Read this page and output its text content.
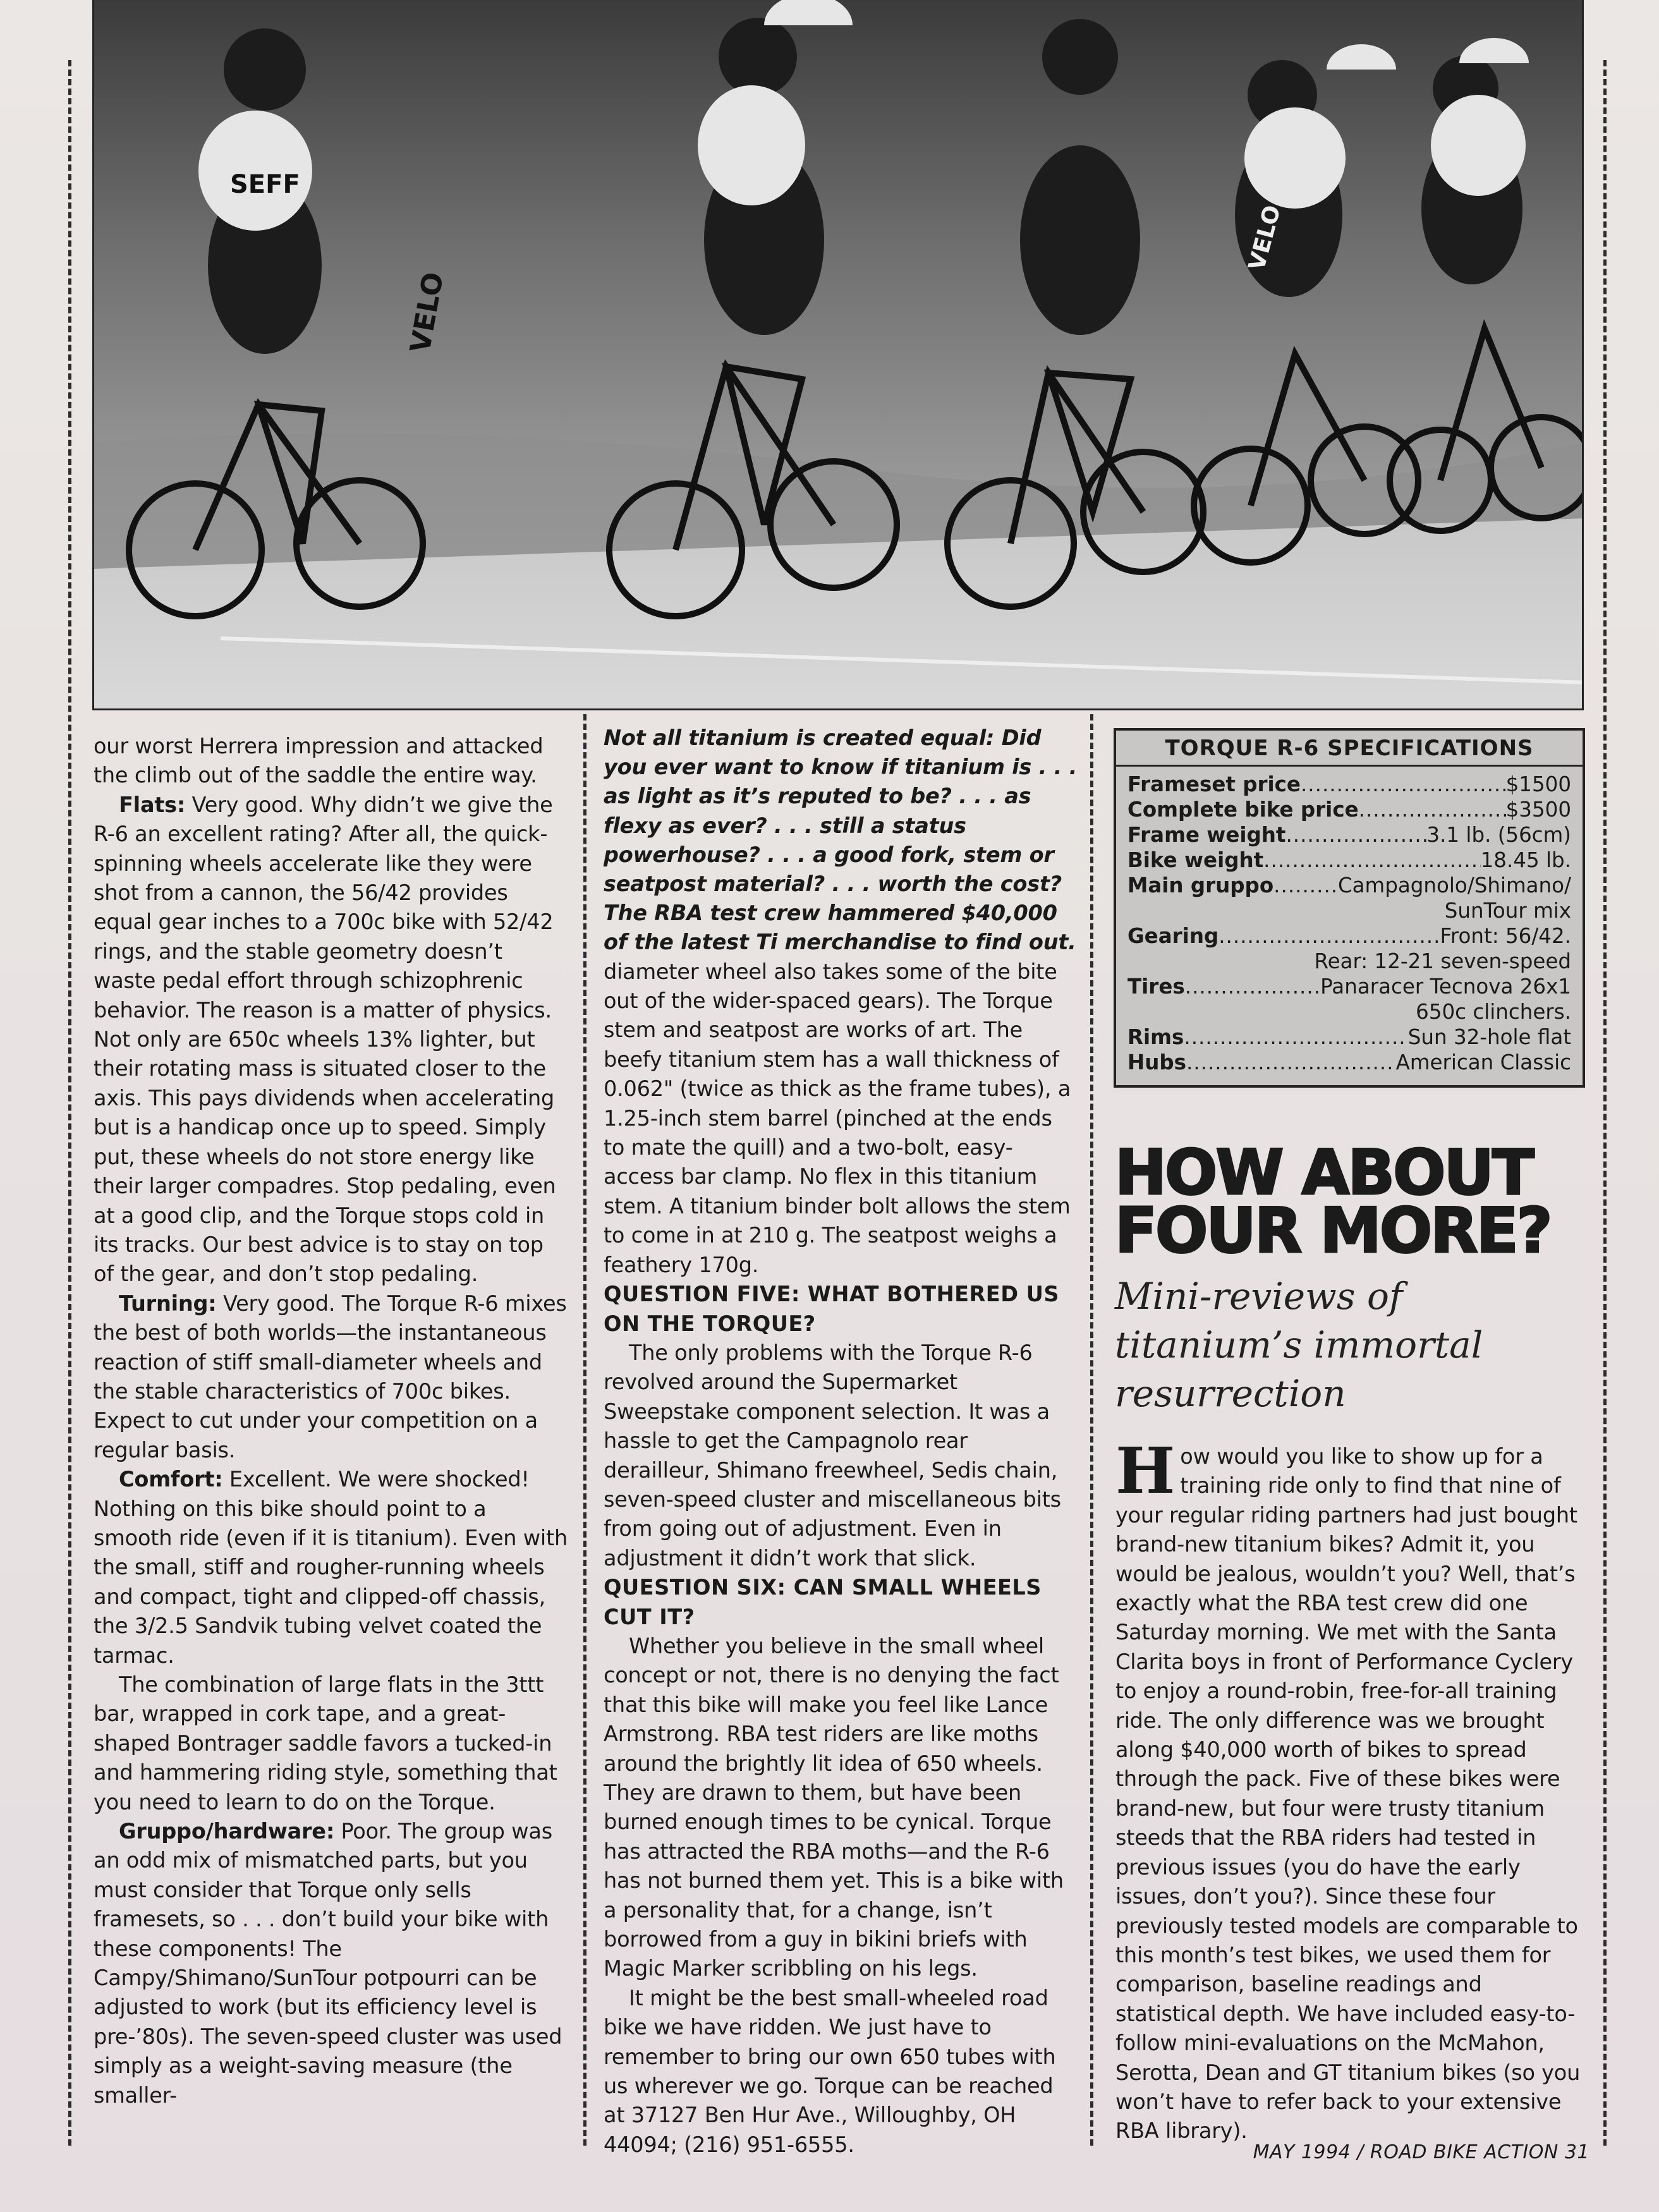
SEFF
VELO
VELO

our worst Herrera impression and attacked the climb out of the saddle the entire way.

Flats: Very good. Why didn’t we give the R-6 an excellent rating? After all, the quick-spinning wheels accelerate like they were shot from a cannon, the 56/42 provides equal gear inches to a 700c bike with 52/42 rings, and the stable geometry doesn’t waste pedal effort through schizophrenic behavior. The reason is a matter of physics. Not only are 650c wheels 13% lighter, but their rotating mass is situated closer to the axis. This pays dividends when accelerating but is a handicap once up to speed. Simply put, these wheels do not store energy like their larger compadres. Stop pedaling, even at a good clip, and the Torque stops cold in its tracks. Our best advice is to stay on top of the gear, and don’t stop pedaling.

Turning: Very good. The Torque R-6 mixes the best of both worlds—the instantaneous reaction of stiff small-diameter wheels and the stable characteristics of 700c bikes. Expect to cut under your competition on a regular basis.

Comfort: Excellent. We were shocked! Nothing on this bike should point to a smooth ride (even if it is titanium). Even with the small, stiff and rougher-running wheels and compact, tight and clipped-off chassis, the 3/2.5 Sandvik tubing velvet coated the tarmac.

The combination of large flats in the 3ttt bar, wrapped in cork tape, and a great-shaped Bontrager saddle favors a tucked-in and hammering riding style, something that you need to learn to do on the Torque.

Gruppo/hardware: Poor. The group was an odd mix of mismatched parts, but you must consider that Torque only sells framesets, so . . . don’t build your bike with these components! The Campy/Shimano/SunTour potpourri can be adjusted to work (but its efficiency level is pre-’80s). The seven-speed cluster was used simply as a weight-saving measure (the smaller-

Not all titanium is created equal: Did you ever want to know if titanium is . . . as light as it’s reputed to be? . . . as flexy as ever? . . . still a status powerhouse? . . . a good fork, stem or seatpost material? . . . worth the cost? The RBA test crew hammered $40,000 of the latest Ti merchandise to find out.

diameter wheel also takes some of the bite out of the wider-spaced gears). The Torque stem and seatpost are works of art. The beefy titanium stem has a wall thickness of 0.062" (twice as thick as the frame tubes), a 1.25-inch stem barrel (pinched at the ends to mate the quill) and a two-bolt, easy-access bar clamp. No flex in this titanium stem. A titanium binder bolt allows the stem to come in at 210 g. The seatpost weighs a feathery 170g.

QUESTION FIVE: WHAT BOTHERED US ON THE TORQUE?

The only problems with the Torque R-6 revolved around the Supermarket Sweepstake component selection. It was a hassle to get the Campagnolo rear derailleur, Shimano freewheel, Sedis chain, seven-speed cluster and miscellaneous bits from going out of adjustment. Even in adjustment it didn’t work that slick.

QUESTION SIX: CAN SMALL WHEELS CUT IT?

Whether you believe in the small wheel concept or not, there is no denying the fact that this bike will make you feel like Lance Armstrong. RBA test riders are like moths around the brightly lit idea of 650 wheels. They are drawn to them, but have been burned enough times to be cynical. Torque has attracted the RBA moths—and the R-6 has not burned them yet. This is a bike with a personality that, for a change, isn’t borrowed from a guy in bikini briefs with Magic Marker scribbling on his legs.

It might be the best small-wheeled road bike we have ridden. We just have to remember to bring our own 650 tubes with us wherever we go. Torque can be reached at 37127 Ben Hur Ave., Willoughby, OH 44094; (216) 951-6555.

TORQUE R-6 SPECIFICATIONS
Frameset price .....	$1500
Complete bike price .....	$3500
Frame weight .....	3.1 lb. (56cm)
Bike weight .....	18.45 lb.
Main gruppo .....	Campagnolo/Shimano/
SunTour mix
Gearing .....	Front: 56/42.
Rear: 12-21 seven-speed
Tires .....	Panaracer Tecnova 26x1
650c clinchers.
Rims .....	Sun 32-hole flat
Hubs .....	American Classic
HOW ABOUT
FOUR MORE?
Mini-reviews of titanium’s immortal resurrection

How would you like to show up for a training ride only to find that nine of your regular riding partners had just bought brand-new titanium bikes? Admit it, you would be jealous, wouldn’t you? Well, that’s exactly what the RBA test crew did one Saturday morning. We met with the Santa Clarita boys in front of Performance Cyclery to enjoy a round-robin, free-for-all training ride. The only difference was we brought along $40,000 worth of bikes to spread through the pack. Five of these bikes were brand-new, but four were trusty titanium steeds that the RBA riders had tested in previous issues (you do have the early issues, don’t you?). Since these four previously tested models are comparable to this month’s test bikes, we used them for comparison, baseline readings and statistical depth. We have included easy-to-follow mini-evaluations on the McMahon, Serotta, Dean and GT titanium bikes (so you won’t have to refer back to your extensive RBA library).

MAY 1994 / ROAD BIKE ACTION 31
